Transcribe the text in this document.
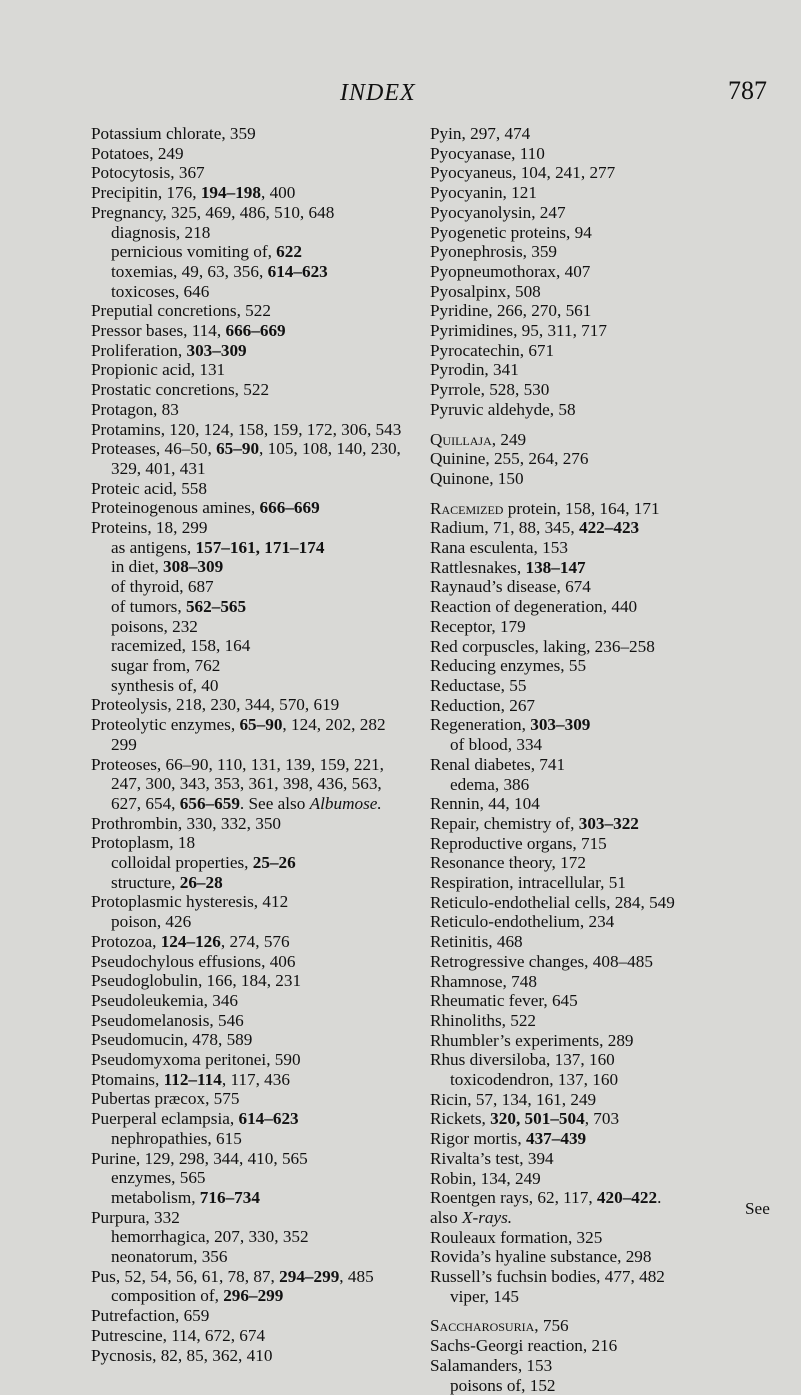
INDEX	787

Potassium chlorate, 359

Potatoes, 249

Potocytosis, 367

Precipitin, 176, 194–198, 400

Pregnancy, 325, 469, 486, 510, 648

diagnosis, 218

pernicious vomiting of, 622

toxemias, 49, 63, 356, 614–623

toxicoses, 646

Preputial concretions, 522

Pressor bases, 114, 666–669

Proliferation, 303–309

Propionic acid, 131

Prostatic concretions, 522

Protagon, 83

Protamins, 120, 124, 158, 159, 172, 306, 543

Proteases, 46–50, 65–90, 105, 108, 140, 230, 329, 401, 431

Proteic acid, 558

Proteinogenous amines, 666–669

Proteins, 18, 299

as antigens, 157–161, 171–174

in diet, 308–309

of thyroid, 687

of tumors, 562–565

poisons, 232

racemized, 158, 164

sugar from, 762

synthesis of, 40

Proteolysis, 218, 230, 344, 570, 619

Proteolytic enzymes, 65–90, 124, 202, 282 299

Proteoses, 66–90, 110, 131, 139, 159, 221, 247, 300, 343, 353, 361, 398, 436, 563, 627, 654, 656–659. See also Albumose.

Prothrombin, 330, 332, 350

Protoplasm, 18

colloidal properties, 25–26

structure, 26–28

Protoplasmic hysteresis, 412

poison, 426

Protozoa, 124–126, 274, 576

Pseudochylous effusions, 406

Pseudoglobulin, 166, 184, 231

Pseudoleukemia, 346

Pseudomelanosis, 546

Pseudomucin, 478, 589

Pseudomyxoma peritonei, 590

Ptomains, 112–114, 117, 436

Pubertas præcox, 575

Puerperal eclampsia, 614–623

nephropathies, 615

Purine, 129, 298, 344, 410, 565

enzymes, 565

metabolism, 716–734

Purpura, 332

hemorrhagica, 207, 330, 352

neonatorum, 356

Pus, 52, 54, 56, 61, 78, 87, 294–299, 485

composition of, 296–299

Putrefaction, 659

Putrescine, 114, 672, 674

Pycnosis, 82, 85, 362, 410

Pyin, 297, 474

Pyocyanase, 110

Pyocyaneus, 104, 241, 277

Pyocyanin, 121

Pyocyanolysin, 247

Pyogenetic proteins, 94

Pyonephrosis, 359

Pyopneumothorax, 407

Pyosalpinx, 508

Pyridine, 266, 270, 561

Pyrimidines, 95, 311, 717

Pyrocatechin, 671

Pyrodin, 341

Pyrrole, 528, 530

Pyruvic aldehyde, 58

Quillaja, 249

Quinine, 255, 264, 276

Quinone, 150

Racemized protein, 158, 164, 171

Radium, 71, 88, 345, 422–423

Rana esculenta, 153

Rattlesnakes, 138–147

Raynaud’s disease, 674

Reaction of degeneration, 440

Receptor, 179

Red corpuscles, laking, 236–258

Reducing enzymes, 55

Reductase, 55

Reduction, 267

Regeneration, 303–309

of blood, 334

Renal diabetes, 741

edema, 386

Rennin, 44, 104

Repair, chemistry of, 303–322

Reproductive organs, 715

Resonance theory, 172

Respiration, intracellular, 51

Reticulo-endothelial cells, 284, 549

Reticulo-endothelium, 234

Retinitis, 468

Retrogressive changes, 408–485

Rhamnose, 748

Rheumatic fever, 645

Rhinoliths, 522

Rhumbler’s experiments, 289

Rhus diversiloba, 137, 160

toxicodendron, 137, 160

Ricin, 57, 134, 161, 249

Rickets, 320, 501–504, 703

Rigor mortis, 437–439

Rivalta’s test, 394

Robin, 134, 249

Roentgen rays, 62, 117, 420–422.

also X-rays.

Rouleaux formation, 325

Rovida’s hyaline substance, 298

Russell’s fuchsin bodies, 477, 482

viper, 145

Saccharosuria, 756

Sachs-Georgi reaction, 216

Salamanders, 153

poisons of, 152

See
